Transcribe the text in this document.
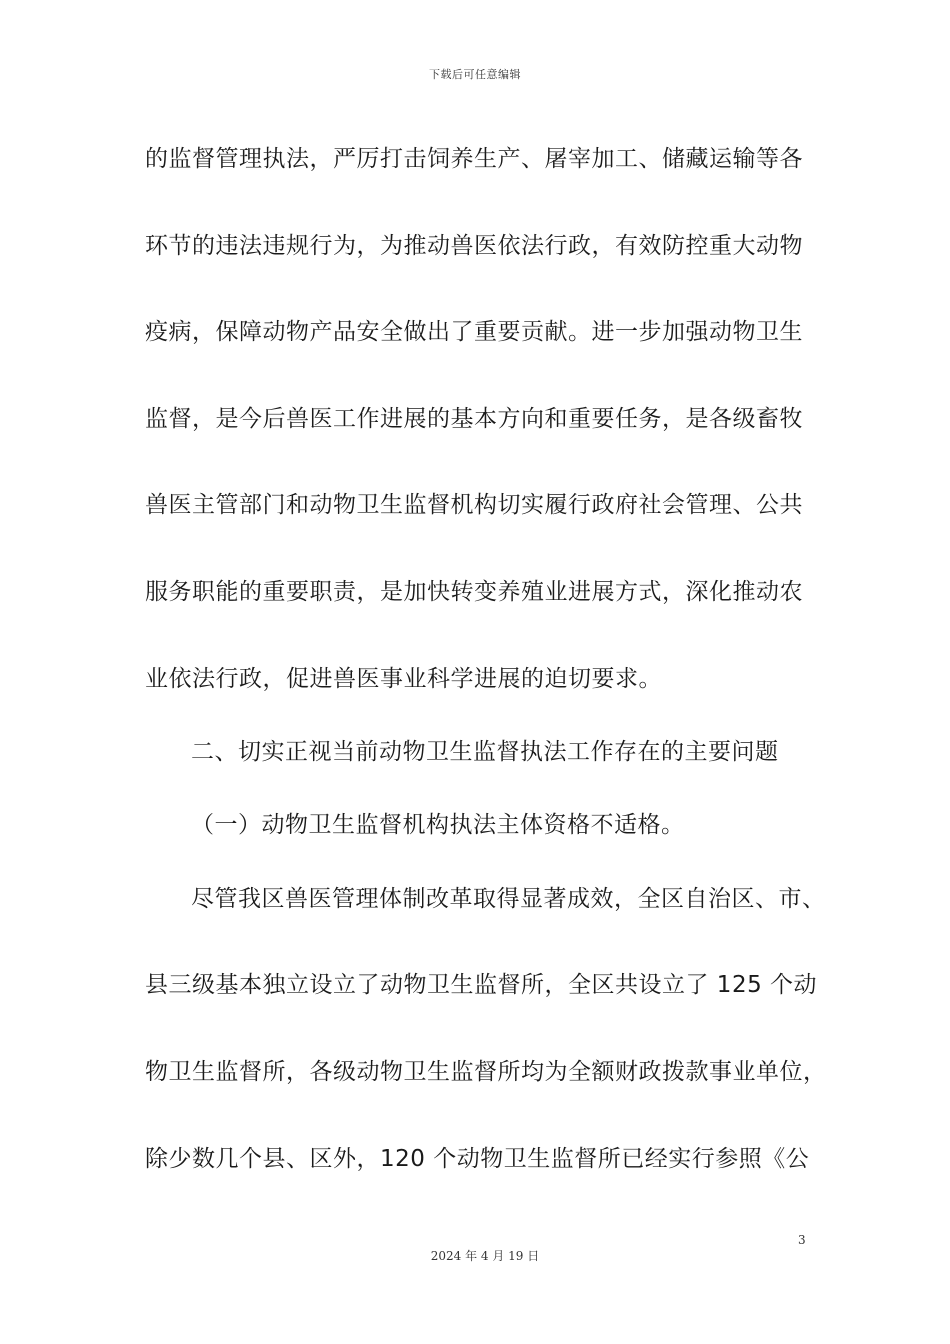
下载后可任意编辑
的监督管理执法，严厉打击饲养生产、屠宰加工、储藏运输等各
环节的违法违规行为，为推动兽医依法行政，有效防控重大动物
疫病，保障动物产品安全做出了重要贡献。进一步加强动物卫生
监督，是今后兽医工作进展的基本方向和重要任务，是各级畜牧
兽医主管部门和动物卫生监督机构切实履行政府社会管理、公共
服务职能的重要职责，是加快转变养殖业进展方式，深化推动农
业依法行政，促进兽医事业科学进展的迫切要求。
二、切实正视当前动物卫生监督执法工作存在的主要问题
（一）动物卫生监督机构执法主体资格不适格。
尽管我区兽医管理体制改革取得显著成效，全区自治区、市、
县三级基本独立设立了动物卫生监督所，全区共设立了 125 个动
物卫生监督所，各级动物卫生监督所均为全额财政拨款事业单位，
除少数几个县、区外，120 个动物卫生监督所已经实行参照《公
3
2024 年 4 月 19 日
